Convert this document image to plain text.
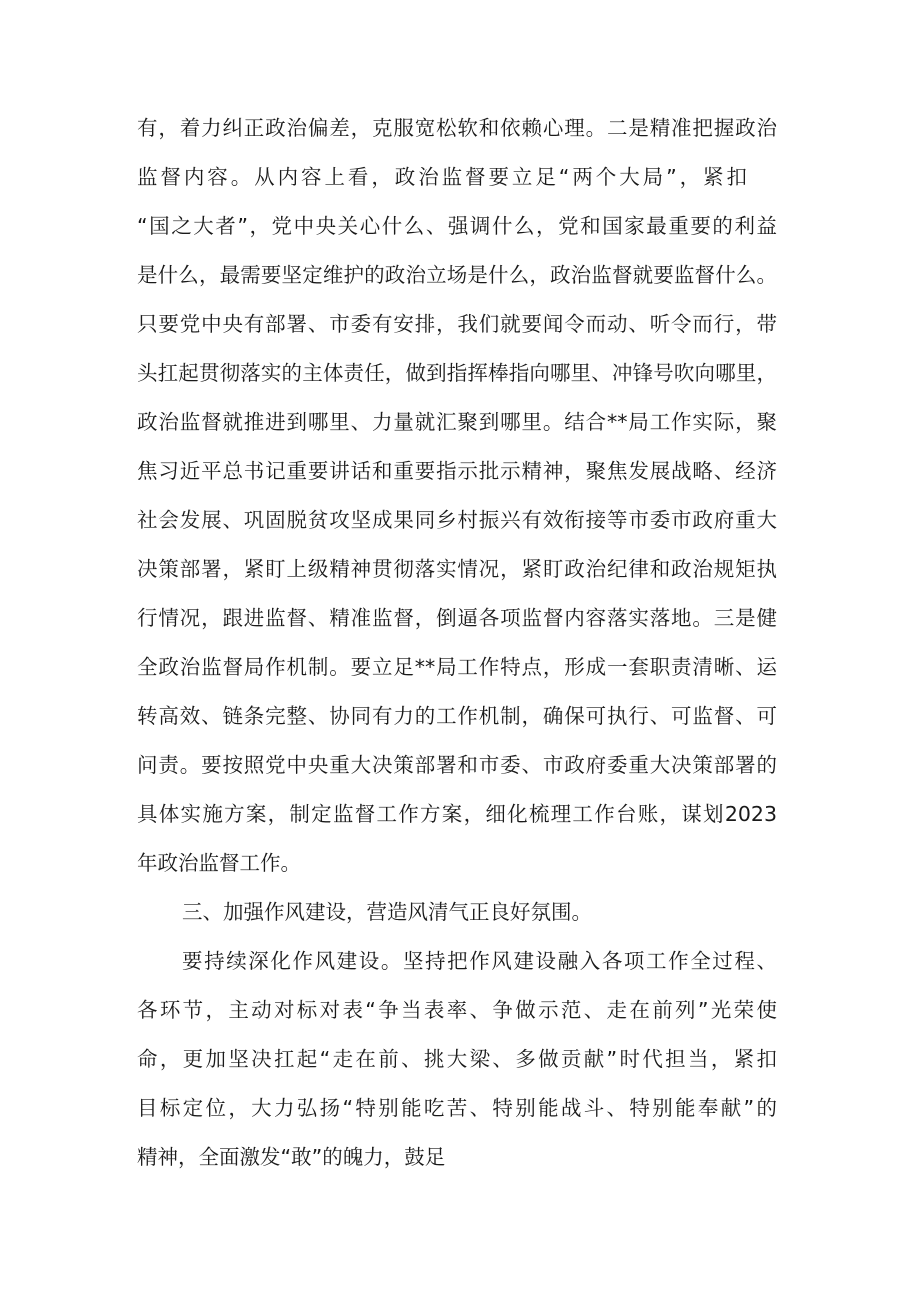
有，着力纠正政治偏差，克服宽松软和依赖心理。二是精准把握政治
监督内容。从内容上看，政治监督要立足“两个大局”，紧扣
“国之大者”，党中央关心什么、强调什么，党和国家最重要的利益
是什么，最需要坚定维护的政治立场是什么，政治监督就要监督什么。
只要党中央有部署、市委有安排，我们就要闻令而动、听令而行，带
头扛起贯彻落实的主体责任，做到指挥棒指向哪里、冲锋号吹向哪里，
政治监督就推进到哪里、力量就汇聚到哪里。结合**局工作实际，聚
焦习近平总书记重要讲话和重要指示批示精神，聚焦发展战略、经济
社会发展、巩固脱贫攻坚成果同乡村振兴有效衔接等市委市政府重大
决策部署，紧盯上级精神贯彻落实情况，紧盯政治纪律和政治规矩执
行情况，跟进监督、精准监督，倒逼各项监督内容落实落地。三是健
全政治监督局作机制。要立足**局工作特点，形成一套职责清晰、运
转高效、链条完整、协同有力的工作机制，确保可执行、可监督、可
问责。要按照党中央重大决策部署和市委、市政府委重大决策部署的
具体实施方案，制定监督工作方案，细化梳理工作台账，谋划2023
年政治监督工作。
三、加强作风建设，营造风清气正良好氛围。
要持续深化作风建设。坚持把作风建设融入各项工作全过程、
各环节，主动对标对表“争当表率、争做示范、走在前列”光荣使
命，更加坚决扛起“走在前、挑大梁、多做贡献”时代担当，紧扣
目标定位，大力弘扬“特别能吃苦、特别能战斗、特别能奉献”的
精神，全面激发“敢”的魄力，鼓足
